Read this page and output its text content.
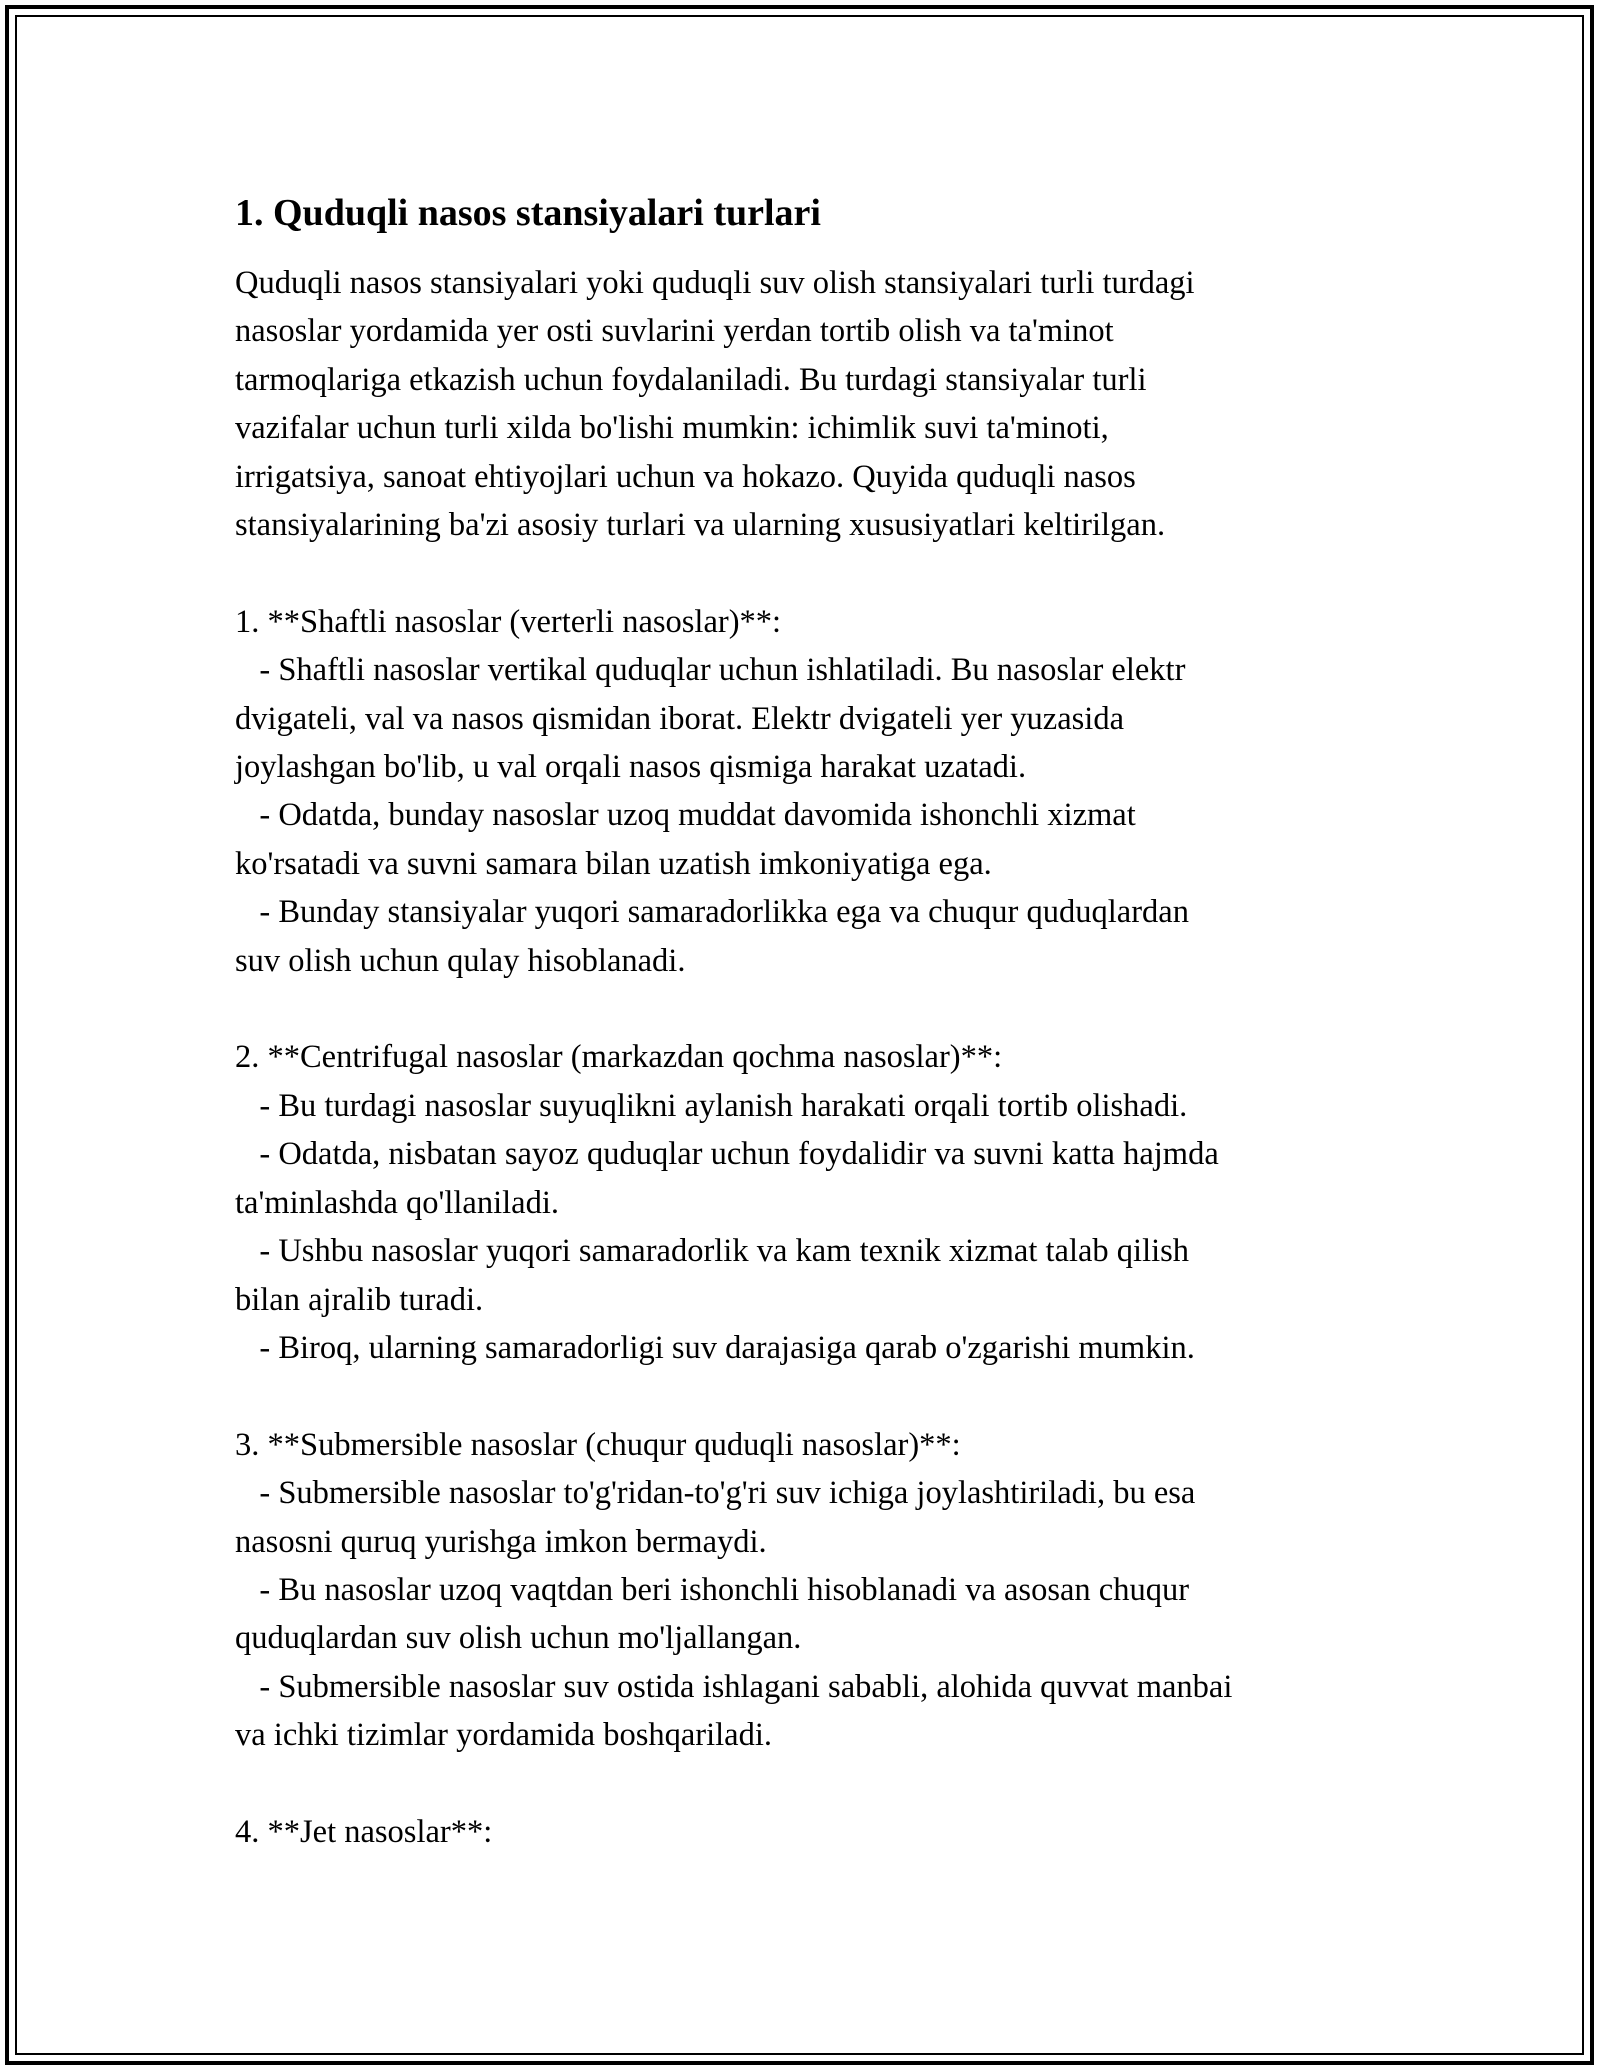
1. Quduqli nasos stansiyalari turlari

Quduqli nasos stansiyalari yoki quduqli suv olish stansiyalari turli turdagi
nasoslar yordamida yer osti suvlarini yerdan tortib olish va ta'minot
tarmoqlariga etkazish uchun foydalaniladi. Bu turdagi stansiyalar turli
vazifalar uchun turli xilda bo'lishi mumkin: ichimlik suvi ta'minoti,
irrigatsiya, sanoat ehtiyojlari uchun va hokazo. Quyida quduqli nasos
stansiyalarining ba'zi asosiy turlari va ularning xususiyatlari keltirilgan.

1. **Shaftli nasoslar (verterli nasoslar)**:

- Shaftli nasoslar vertikal quduqlar uchun ishlatiladi. Bu nasoslar elektr
dvigateli, val va nasos qismidan iborat. Elektr dvigateli yer yuzasida
joylashgan bo'lib, u val orqali nasos qismiga harakat uzatadi.

- Odatda, bunday nasoslar uzoq muddat davomida ishonchli xizmat
ko'rsatadi va suvni samara bilan uzatish imkoniyatiga ega.

- Bunday stansiyalar yuqori samaradorlikka ega va chuqur quduqlardan
suv olish uchun qulay hisoblanadi.

2. **Centrifugal nasoslar (markazdan qochma nasoslar)**:

- Bu turdagi nasoslar suyuqlikni aylanish harakati orqali tortib olishadi.

- Odatda, nisbatan sayoz quduqlar uchun foydalidir va suvni katta hajmda
ta'minlashda qo'llaniladi.

- Ushbu nasoslar yuqori samaradorlik va kam texnik xizmat talab qilish
bilan ajralib turadi.

- Biroq, ularning samaradorligi suv darajasiga qarab o'zgarishi mumkin.

3. **Submersible nasoslar (chuqur quduqli nasoslar)**:

- Submersible nasoslar to'g'ridan-to'g'ri suv ichiga joylashtiriladi, bu esa
nasosni quruq yurishga imkon bermaydi.

- Bu nasoslar uzoq vaqtdan beri ishonchli hisoblanadi va asosan chuqur
quduqlardan suv olish uchun mo'ljallangan.

- Submersible nasoslar suv ostida ishlagani sababli, alohida quvvat manbai
va ichki tizimlar yordamida boshqariladi.

4. **Jet nasoslar**:
